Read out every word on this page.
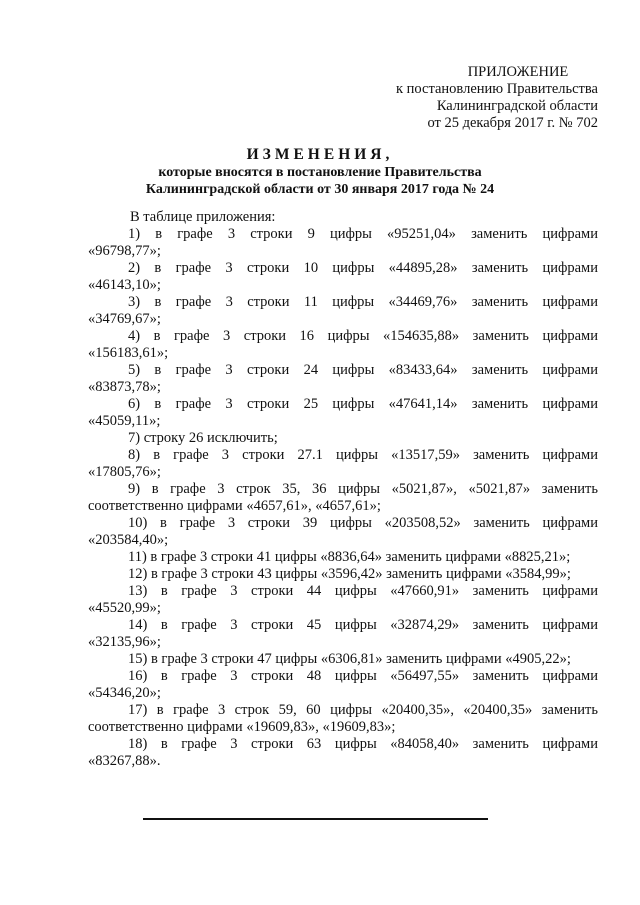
ПРИЛОЖЕНИЕ
к постановлению Правительства
Калининградской области
от 25 декабря 2017 г. № 702
ИЗМЕНЕНИЯ,
которые вносятся в постановление Правительства
Калининградской области от 30 января 2017 года № 24
В таблице приложения:
1) в графе 3 строки 9 цифры «95251,04» заменить цифрами
«96798,77»;
2) в графе 3 строки 10 цифры «44895,28» заменить цифрами
«46143,10»;
3) в графе 3 строки 11 цифры «34469,76» заменить цифрами
«34769,67»;
4) в графе 3 строки 16 цифры «154635,88» заменить цифрами
«156183,61»;
5) в графе 3 строки 24 цифры «83433,64» заменить цифрами
«83873,78»;
6) в графе 3 строки 25 цифры «47641,14» заменить цифрами
«45059,11»;
7) строку 26 исключить;
8) в графе 3 строки 27.1 цифры «13517,59» заменить цифрами
«17805,76»;
9) в графе 3 строк 35, 36 цифры «5021,87», «5021,87» заменить
соответственно цифрами «4657,61», «4657,61»;
10) в графе 3 строки 39 цифры «203508,52» заменить цифрами
«203584,40»;
11) в графе 3 строки 41 цифры «8836,64» заменить цифрами «8825,21»;
12) в графе 3 строки 43 цифры «3596,42» заменить цифрами «3584,99»;
13) в графе 3 строки 44 цифры «47660,91» заменить цифрами
«45520,99»;
14) в графе 3 строки 45 цифры «32874,29» заменить цифрами
«32135,96»;
15) в графе 3 строки 47 цифры «6306,81» заменить цифрами «4905,22»;
16) в графе 3 строки 48 цифры «56497,55» заменить цифрами
«54346,20»;
17) в графе 3 строк 59, 60 цифры «20400,35», «20400,35» заменить
соответственно цифрами «19609,83», «19609,83»;
18) в графе 3 строки 63 цифры «84058,40» заменить цифрами
«83267,88».
